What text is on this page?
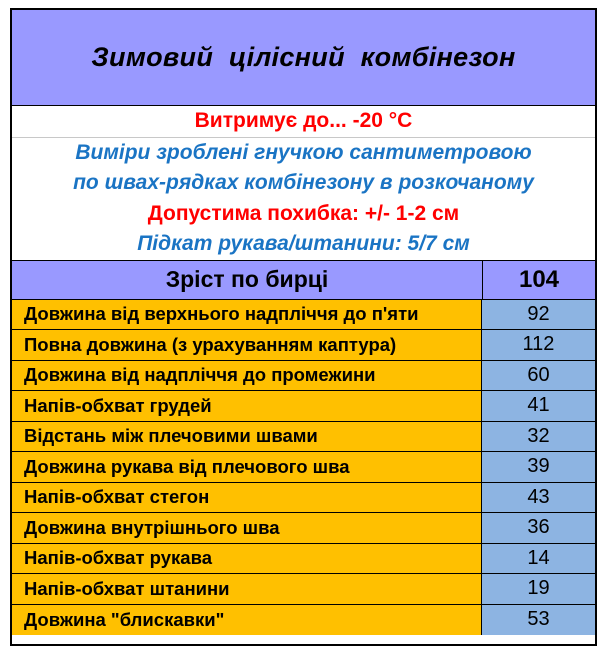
Зимовий цілісний комбінезон
Витримує до... -20 °С
Виміри зроблені гнучкою сантиметровою
по швах-рядках комбінезону в розкочаному
Допустима похибка: +/- 1-2 см
Підкат рукава/штанини: 5/7 см
Зріст по бирці	104
Довжина від верхнього надпліччя до п'яти	92
Повна довжина (з урахуванням каптура)	112
Довжина від надпліччя до промежини	60
Напів-обхват грудей	41
Відстань між плечовими швами	32
Довжина рукава від плечового шва	39
Напів-обхват стегон	43
Довжина внутрішнього шва	36
Напів-обхват рукава	14
Напів-обхват штанини	19
Довжина "блискавки"	53
